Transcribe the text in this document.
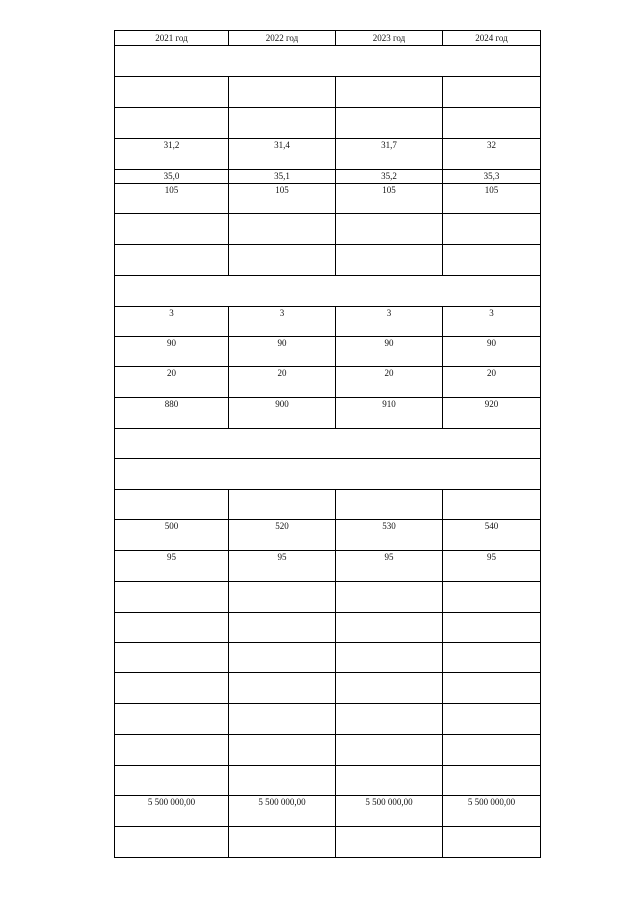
2021 год	2022 год	2023 год	2024 год

31,2	31,4	31,7	32

35,0	35,1	35,2	35,3

105	105	105	105

3	3	3	3

90	90	90	90

20	20	20	20

880	900	910	920

500	520	530	540

95	95	95	95

5 500 000,00	5 500 000,00	5 500 000,00	5 500 000,00
